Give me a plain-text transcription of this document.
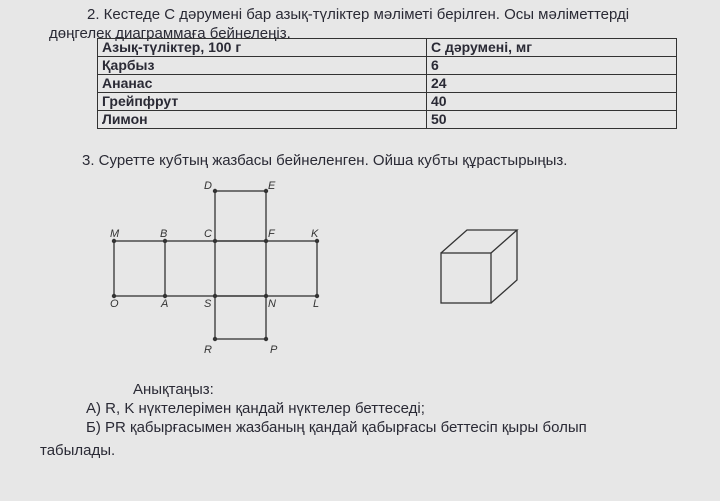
2. Кестеде С дәрумені бар азық-түліктер мәліметі берілген. Осы мәліметтерді
дөңгелек диаграммаға бейнелеңіз.
Азық-түліктер, 100 г	С дәрумені, мг
Қарбыз	6
Ананас	24
Грейпфрут	40
Лимон	50
3. Суретте кубтың жазбасы бейнеленген. Ойша кубты құрастырыңыз.
D	E
M	B	C	F	K
O	A	S	N	L
R	P
Анықтаңыз:
А) R, K нүктелерімен қандай нүктелер беттеседі;
Б) PR қабырғасымен жазбаның қандай қабырғасы беттесіп қыры болып
табылады.
